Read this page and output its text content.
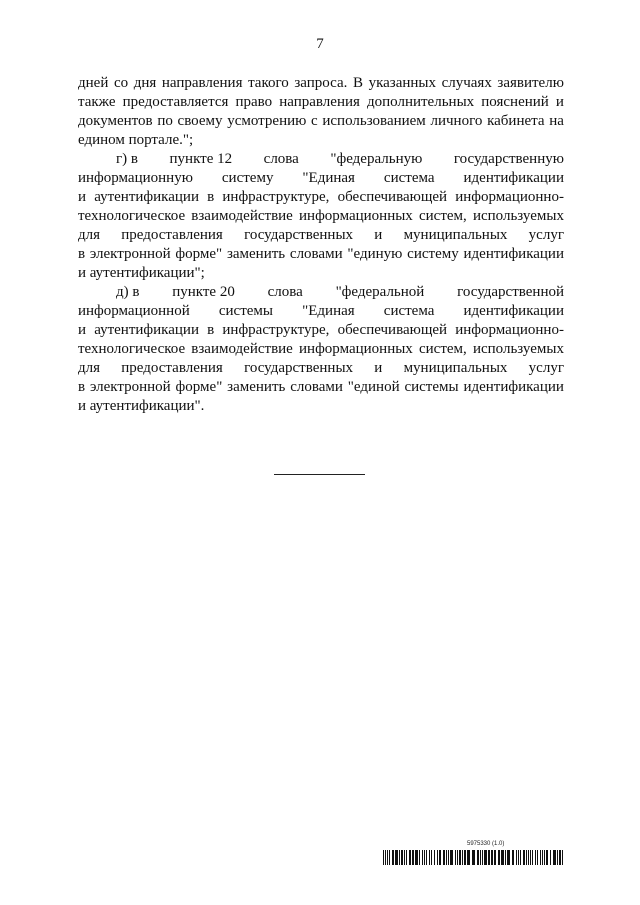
7
дней со дня направления такого запроса. В указанных случаях заявителю
также предоставляется право направления дополнительных пояснений и
документов по своему усмотрению с использованием личного кабинета на
едином портале.";
г) в пункте 12 слова "федеральную государственную
информационную систему "Единая система идентификации
и аутентификации в инфраструктуре, обеспечивающей информационно-
технологическое взаимодействие информационных систем, используемых
для предоставления государственных и муниципальных услуг
в электронной форме" заменить словами "единую систему идентификации
и аутентификации";
д) в пункте 20 слова "федеральной государственной
информационной системы "Единая система идентификации
и аутентификации в инфраструктуре, обеспечивающей информационно-
технологическое взаимодействие информационных систем, используемых
для предоставления государственных и муниципальных услуг
в электронной форме" заменить словами "единой системы идентификации
и аутентификации".
5975330 (1.0)
